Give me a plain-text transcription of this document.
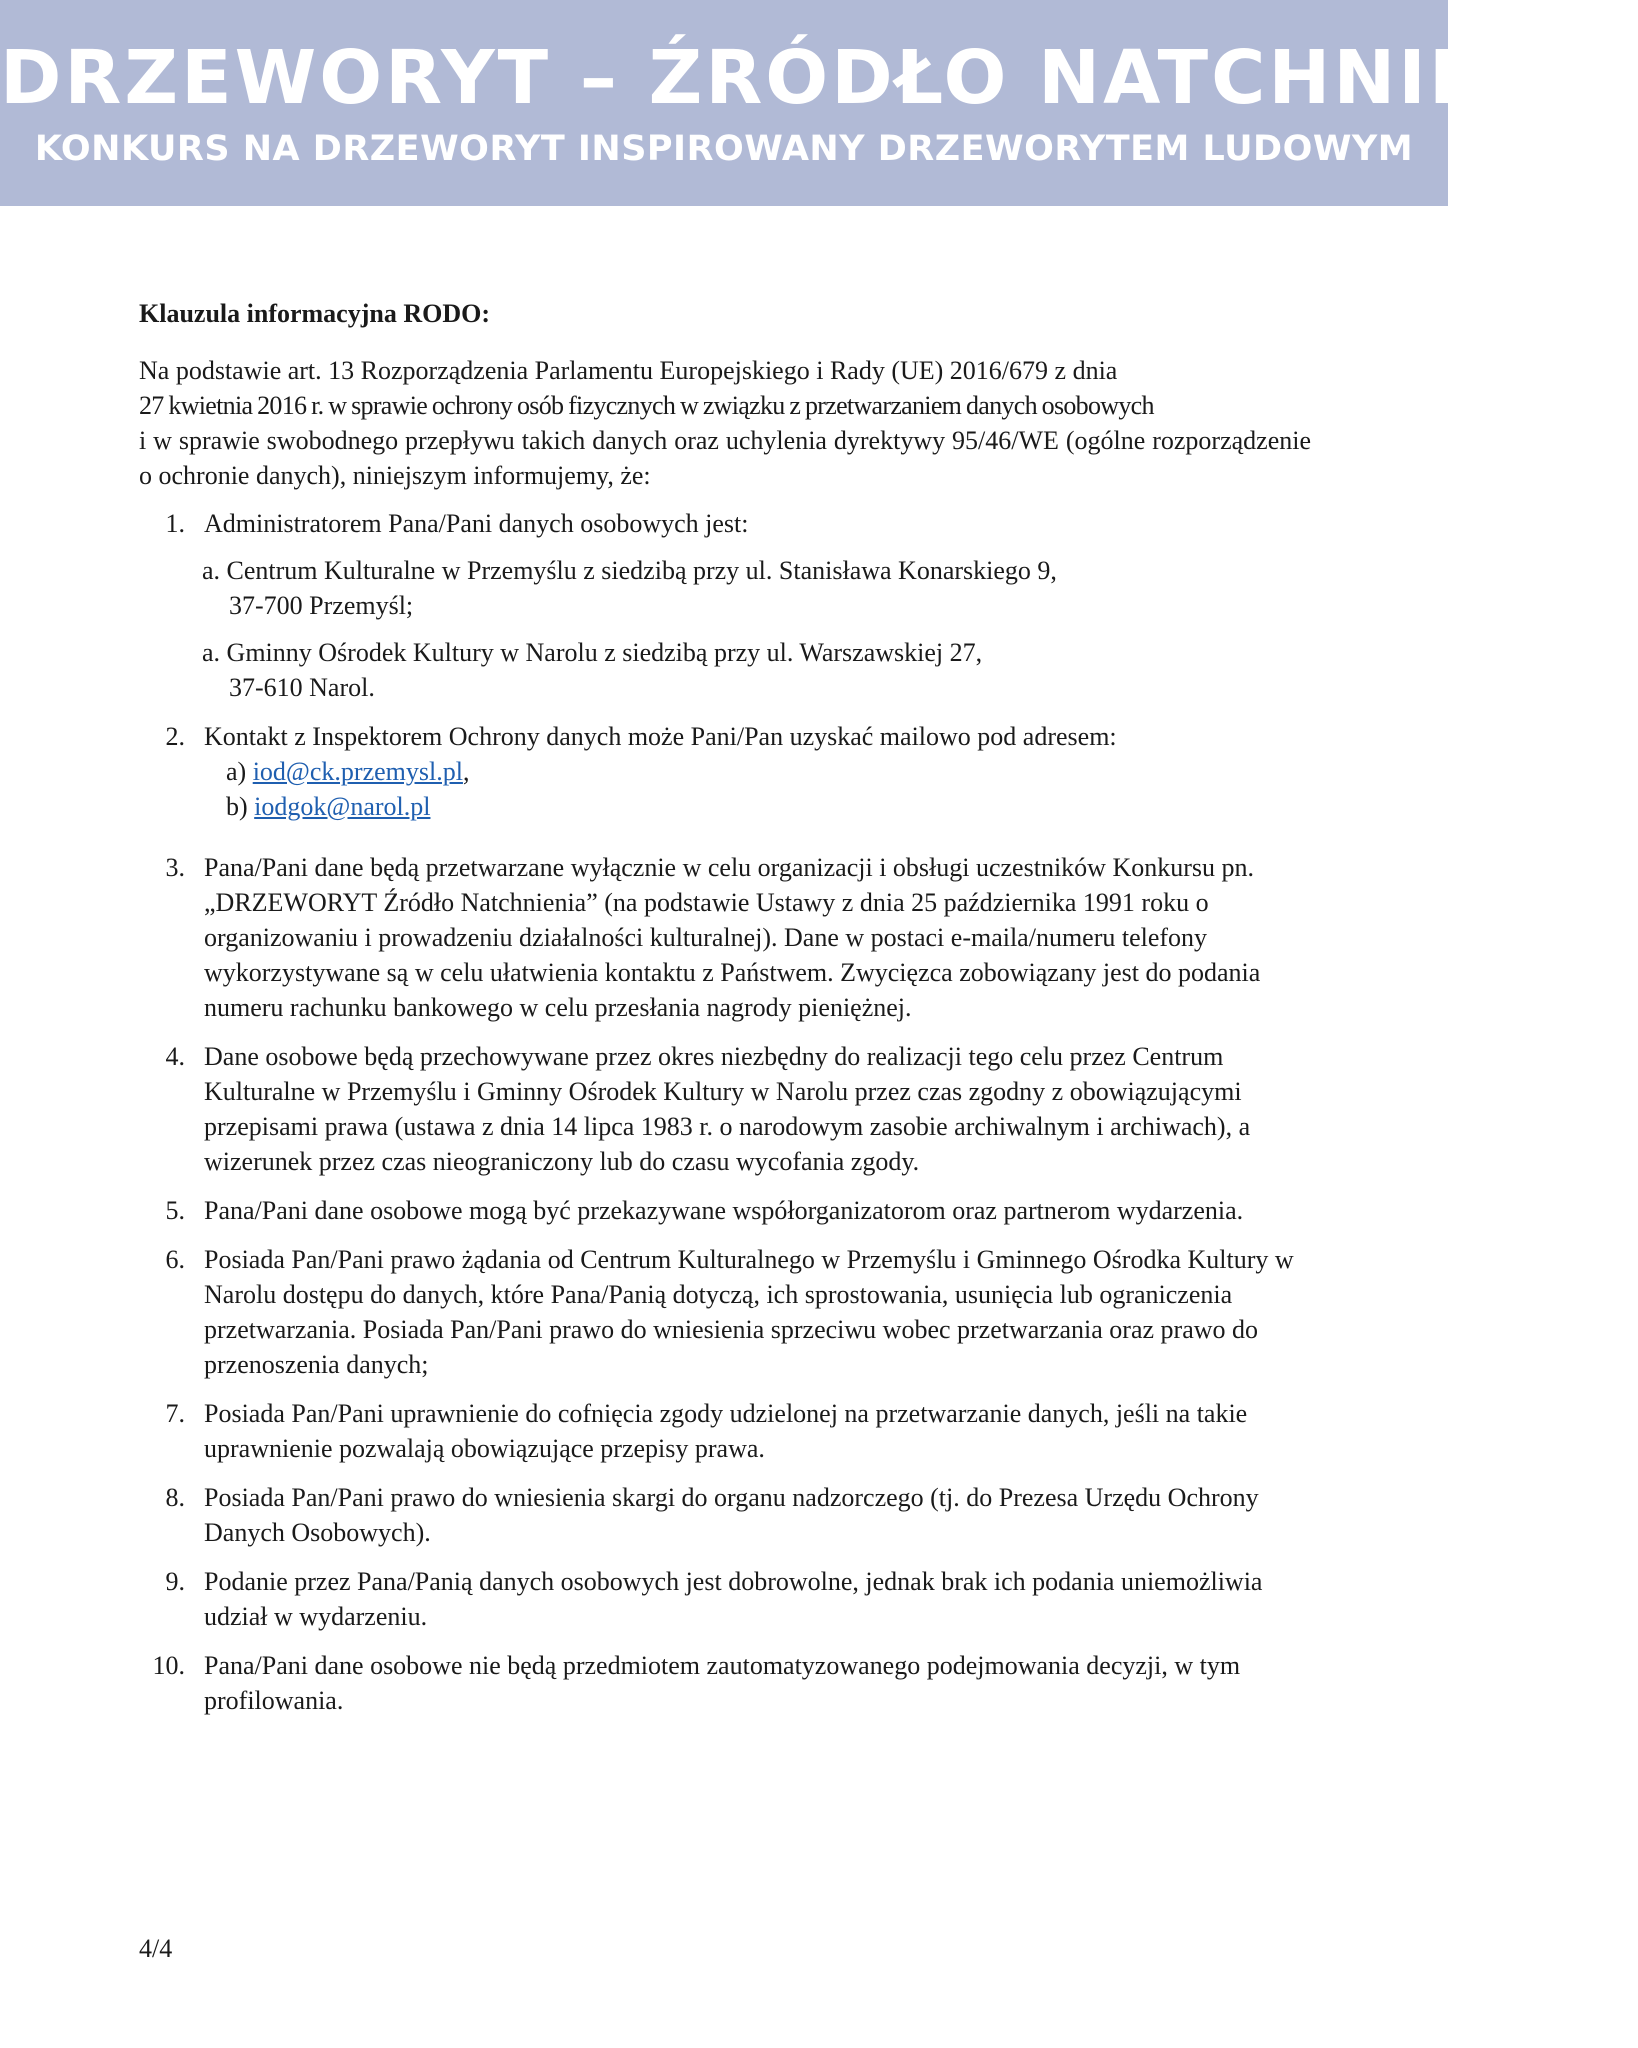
DRZEWORYT – ŹRÓDŁO NATCHNIENIA
KONKURS NA DRZEWORYT INSPIROWANY DRZEWORYTEM LUDOWYM
Klauzula informacyjna RODO:
Na podstawie art. 13 Rozporządzenia Parlamentu Europejskiego i Rady (UE) 2016/679 z dnia
27 kwietnia 2016 r. w sprawie ochrony osób fizycznych w związku z przetwarzaniem danych osobowych
i w sprawie swobodnego przepływu takich danych oraz uchylenia dyrektywy 95/46/WE (ogólne rozporządzenie o ochronie danych), niniejszym informujemy, że:
1. Administratorem Pana/Pani danych osobowych jest:
a. Centrum Kulturalne w Przemyślu z siedzibą przy ul. Stanisława Konarskiego 9,
37-700 Przemyśl;
a. Gminny Ośrodek Kultury w Narolu z siedzibą przy ul. Warszawskiej 27,
37-610 Narol.
2. Kontakt z Inspektorem Ochrony danych może Pani/Pan uzyskać mailowo pod adresem:
a) iod@ck.przemysl.pl,
b) iodgok@narol.pl
3. Pana/Pani dane będą przetwarzane wyłącznie w celu organizacji i obsługi uczestników Konkursu pn. „DRZEWORYT Źródło Natchnienia” (na podstawie Ustawy z dnia 25 października 1991 roku o organizowaniu i prowadzeniu działalności kulturalnej). Dane w postaci e-maila/numeru telefony wykorzystywane są w celu ułatwienia kontaktu z Państwem. Zwycięzca zobowiązany jest do podania numeru rachunku bankowego w celu przesłania nagrody pieniężnej.
4. Dane osobowe będą przechowywane przez okres niezbędny do realizacji tego celu przez Centrum Kulturalne w Przemyślu i Gminny Ośrodek Kultury w Narolu przez czas zgodny z obowiązującymi przepisami prawa (ustawa z dnia 14 lipca 1983 r. o narodowym zasobie archiwalnym i archiwach), a wizerunek przez czas nieograniczony lub do czasu wycofania zgody.
5. Pana/Pani dane osobowe mogą być przekazywane współorganizatorom oraz partnerom wydarzenia.
6. Posiada Pan/Pani prawo żądania od Centrum Kulturalnego w Przemyślu i Gminnego Ośrodka Kultury w Narolu dostępu do danych, które Pana/Panią dotyczą, ich sprostowania, usunięcia lub ograniczenia przetwarzania. Posiada Pan/Pani prawo do wniesienia sprzeciwu wobec przetwarzania oraz prawo do przenoszenia danych;
7. Posiada Pan/Pani uprawnienie do cofnięcia zgody udzielonej na przetwarzanie danych, jeśli na takie uprawnienie pozwalają obowiązujące przepisy prawa.
8. Posiada Pan/Pani prawo do wniesienia skargi do organu nadzorczego (tj. do Prezesa Urzędu Ochrony Danych Osobowych).
9. Podanie przez Pana/Panią danych osobowych jest dobrowolne, jednak brak ich podania uniemożliwia udział w wydarzeniu.
10. Pana/Pani dane osobowe nie będą przedmiotem zautomatyzowanego podejmowania decyzji, w tym profilowania.
4/4
